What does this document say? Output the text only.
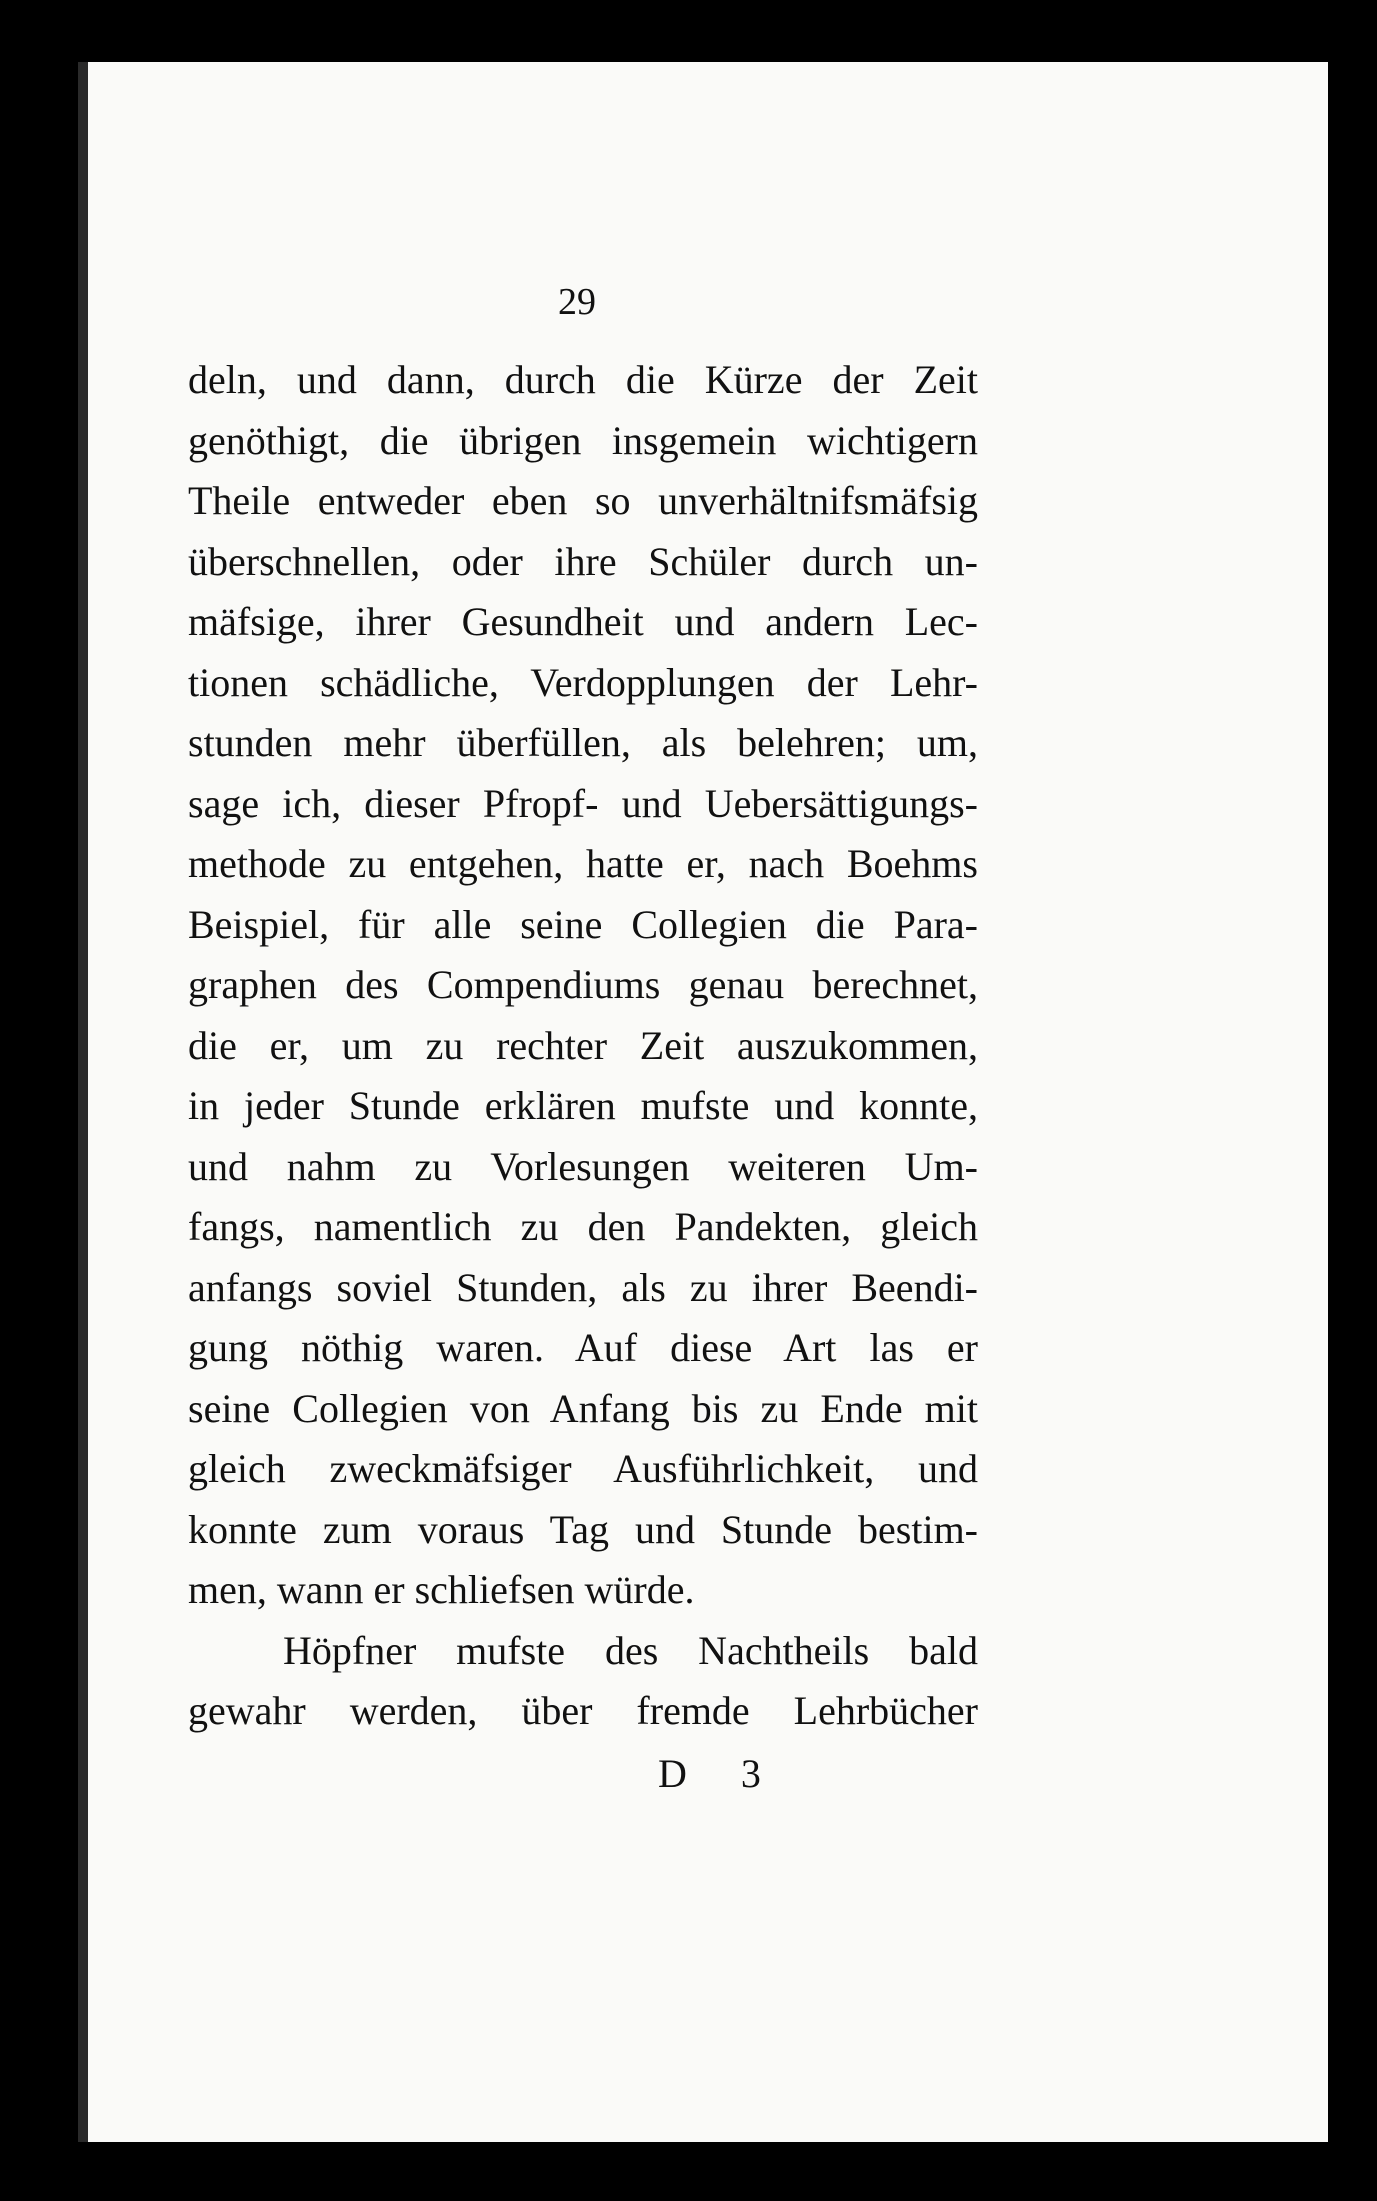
29
deln, und dann, durch die Kürze der Zeit
genöthigt, die übrigen insgemein wichtigern
Theile entweder eben so unverhältnifsmäfsig
überschnellen, oder ihre Schüler durch un-
mäfsige, ihrer Gesundheit und andern Lec-
tionen schädliche, Verdopplungen der Lehr-
stunden mehr überfüllen, als belehren; um,
sage ich, dieser Pfropf- und Uebersättigungs-
methode zu entgehen, hatte er, nach Boehms
Beispiel, für alle seine Collegien die Para-
graphen des Compendiums genau berechnet,
die er, um zu rechter Zeit auszukommen,
in jeder Stunde erklären mufste und konnte,
und nahm zu Vorlesungen weiteren Um-
fangs, namentlich zu den Pandekten, gleich
anfangs soviel Stunden, als zu ihrer Beendi-
gung nöthig waren. Auf diese Art las er
seine Collegien von Anfang bis zu Ende mit
gleich zweckmäfsiger Ausführlichkeit, und
konnte zum voraus Tag und Stunde bestim-
men, wann er schliefsen würde.
Höpfner mufste des Nachtheils bald
gewahr werden, über fremde Lehrbücher
D 3
